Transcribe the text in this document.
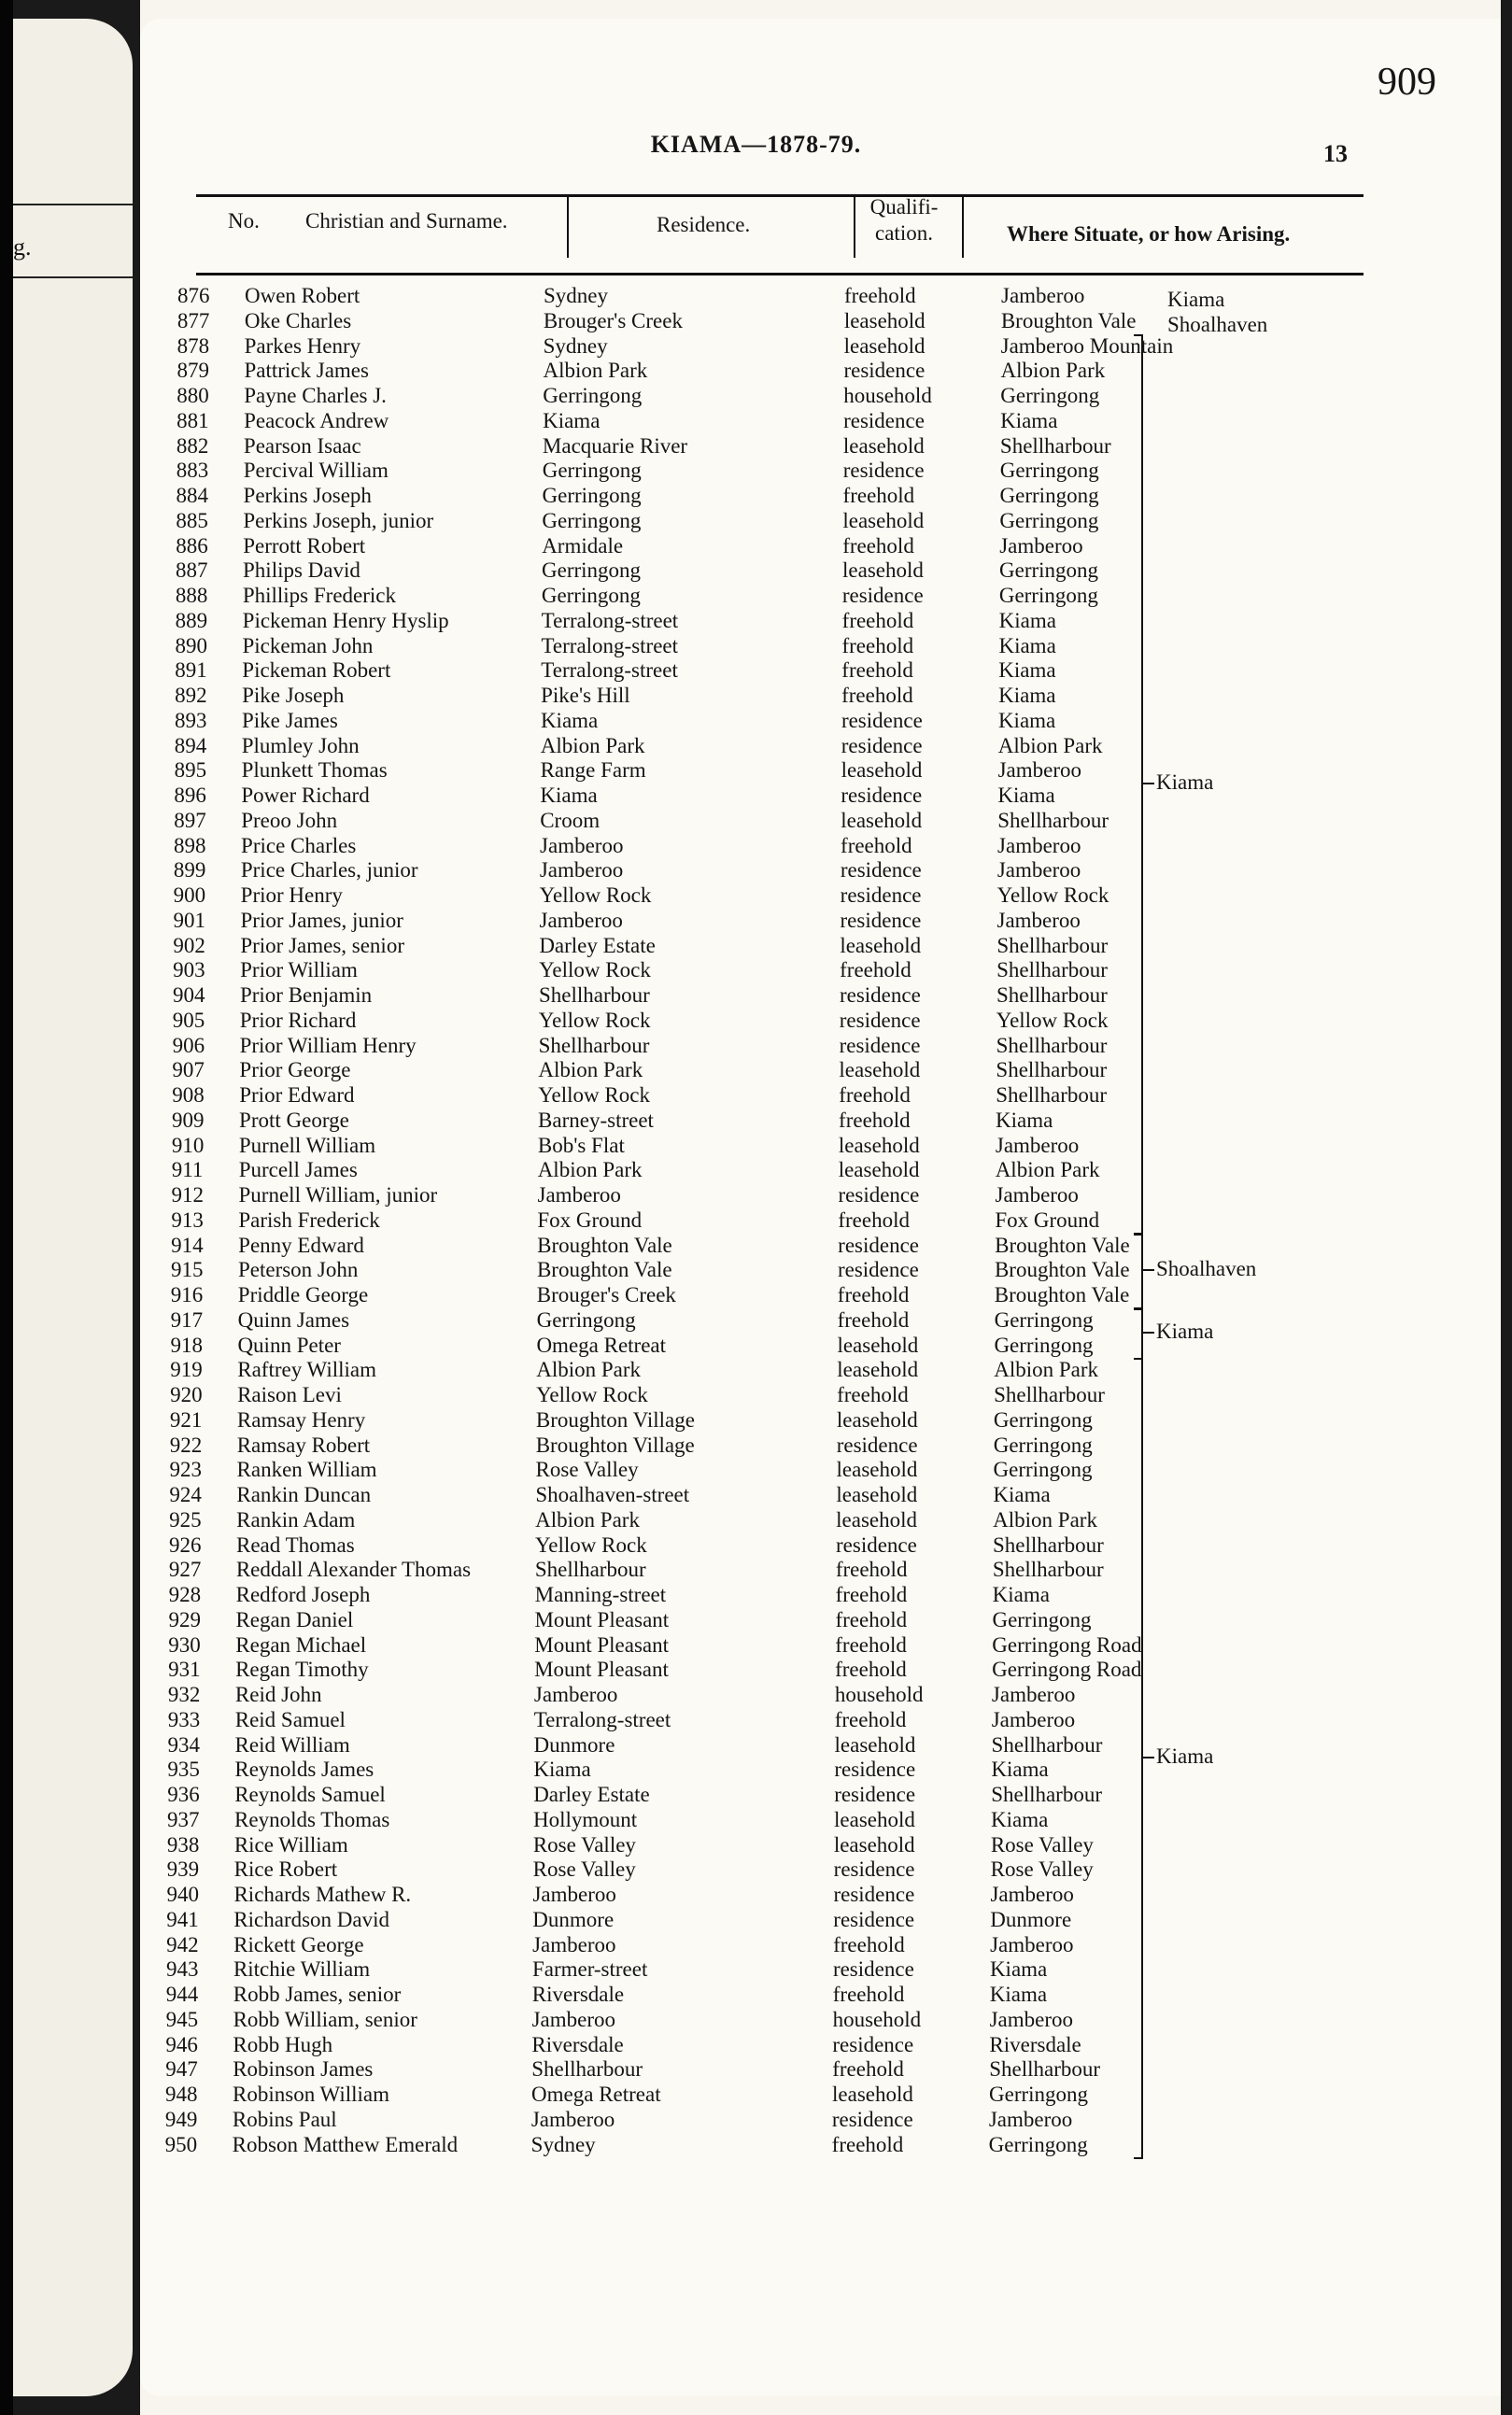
g.
909
KIAMA—1878-79.	13
No. Christian and Surname.	Residence.
Qualifi-
cation.	Where Situate, or how Arising.
876	Owen Robert	Sydney	freehold	Jamberoo
877	Oke Charles	Brouger's Creek	leasehold	Broughton Vale
878	Parkes Henry	Sydney	leasehold	Jamberoo Mountain
879	Pattrick James	Albion Park	residence	Albion Park
880	Payne Charles J.	Gerringong	household	Gerringong
881	Peacock Andrew	Kiama	residence	Kiama
882	Pearson Isaac	Macquarie River	leasehold	Shellharbour
883	Percival William	Gerringong	residence	Gerringong
884	Perkins Joseph	Gerringong	freehold	Gerringong
885	Perkins Joseph, junior	Gerringong	leasehold	Gerringong
886	Perrott Robert	Armidale	freehold	Jamberoo
887	Philips David	Gerringong	leasehold	Gerringong
888	Phillips Frederick	Gerringong	residence	Gerringong
889	Pickeman Henry Hyslip	Terralong-street	freehold	Kiama
890	Pickeman John	Terralong-street	freehold	Kiama
891	Pickeman Robert	Terralong-street	freehold	Kiama
892	Pike Joseph	Pike's Hill	freehold	Kiama
893	Pike James	Kiama	residence	Kiama
894	Plumley John	Albion Park	residence	Albion Park
895	Plunkett Thomas	Range Farm	leasehold	Jamberoo
896	Power Richard	Kiama	residence	Kiama
897	Preoo John	Croom	leasehold	Shellharbour
898	Price Charles	Jamberoo	freehold	Jamberoo
899	Price Charles, junior	Jamberoo	residence	Jamberoo
900	Prior Henry	Yellow Rock	residence	Yellow Rock
901	Prior James, junior	Jamberoo	residence	Jamberoo
902	Prior James, senior	Darley Estate	leasehold	Shellharbour
903	Prior William	Yellow Rock	freehold	Shellharbour
904	Prior Benjamin	Shellharbour	residence	Shellharbour
905	Prior Richard	Yellow Rock	residence	Yellow Rock
906	Prior William Henry	Shellharbour	residence	Shellharbour
907	Prior George	Albion Park	leasehold	Shellharbour
908	Prior Edward	Yellow Rock	freehold	Shellharbour
909	Prott George	Barney-street	freehold	Kiama
910	Purnell William	Bob's Flat	leasehold	Jamberoo
911	Purcell James	Albion Park	leasehold	Albion Park
912	Purnell William, junior	Jamberoo	residence	Jamberoo
913	Parish Frederick	Fox Ground	freehold	Fox Ground
914	Penny Edward	Broughton Vale	residence	Broughton Vale
915	Peterson John	Broughton Vale	residence	Broughton Vale
916	Priddle George	Brouger's Creek	freehold	Broughton Vale
917	Quinn James	Gerringong	freehold	Gerringong
918	Quinn Peter	Omega Retreat	leasehold	Gerringong
919	Raftrey William	Albion Park	leasehold	Albion Park
920	Raison Levi	Yellow Rock	freehold	Shellharbour
921	Ramsay Henry	Broughton Village	leasehold	Gerringong
922	Ramsay Robert	Broughton Village	residence	Gerringong
923	Ranken William	Rose Valley	leasehold	Gerringong
924	Rankin Duncan	Shoalhaven-street	leasehold	Kiama
925	Rankin Adam	Albion Park	leasehold	Albion Park
926	Read Thomas	Yellow Rock	residence	Shellharbour
927	Reddall Alexander Thomas	Shellharbour	freehold	Shellharbour
928	Redford Joseph	Manning-street	freehold	Kiama
929	Regan Daniel	Mount Pleasant	freehold	Gerringong
930	Regan Michael	Mount Pleasant	freehold	Gerringong Road
931	Regan Timothy	Mount Pleasant	freehold	Gerringong Road
932	Reid John	Jamberoo	household	Jamberoo
933	Reid Samuel	Terralong-street	freehold	Jamberoo
934	Reid William	Dunmore	leasehold	Shellharbour
935	Reynolds James	Kiama	residence	Kiama
936	Reynolds Samuel	Darley Estate	residence	Shellharbour
937	Reynolds Thomas	Hollymount	leasehold	Kiama
938	Rice William	Rose Valley	leasehold	Rose Valley
939	Rice Robert	Rose Valley	residence	Rose Valley
940	Richards Mathew R.	Jamberoo	residence	Jamberoo
941	Richardson David	Dunmore	residence	Dunmore
942	Rickett George	Jamberoo	freehold	Jamberoo
943	Ritchie William	Farmer-street	residence	Kiama
944	Robb James, senior	Riversdale	freehold	Kiama
945	Robb William, senior	Jamberoo	household	Jamberoo
946	Robb Hugh	Riversdale	residence	Riversdale
947	Robinson James	Shellharbour	freehold	Shellharbour
948	Robinson William	Omega Retreat	leasehold	Gerringong
949	Robins Paul	Jamberoo	residence	Jamberoo
950	Robson Matthew Emerald	Sydney	freehold	Gerringong
Kiama
Shoalhaven
Kiama
Shoalhaven
Kiama
Kiama
